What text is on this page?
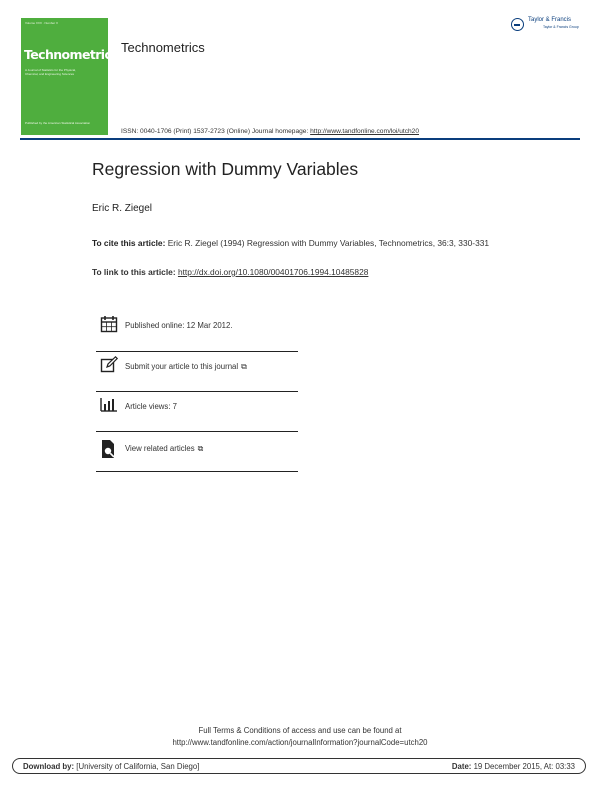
Volume XXX · Number X
Technometrics
A Journal of Statistics for the Physical, Chemical, and Engineering Sciences
Published by the American Statistical Association
Technometrics
Taylor & Francis
Taylor & Francis Group
ISSN: 0040-1706 (Print) 1537-2723 (Online) Journal homepage: http://www.tandfonline.com/loi/utch20
Regression with Dummy Variables
Eric R. Ziegel
To cite this article: Eric R. Ziegel (1994) Regression with Dummy Variables, Technometrics, 36:3, 330-331
To link to this article: http://dx.doi.org/10.1080/00401706.1994.10485828
Published online: 12 Mar 2012.
Submit your article to this journal ⧉
Article views: 7
View related articles ⧉
Full Terms & Conditions of access and use can be found at
http://www.tandfonline.com/action/journalInformation?journalCode=utch20
Download by: [University of California, San Diego]	Date: 19 December 2015, At: 03:33
